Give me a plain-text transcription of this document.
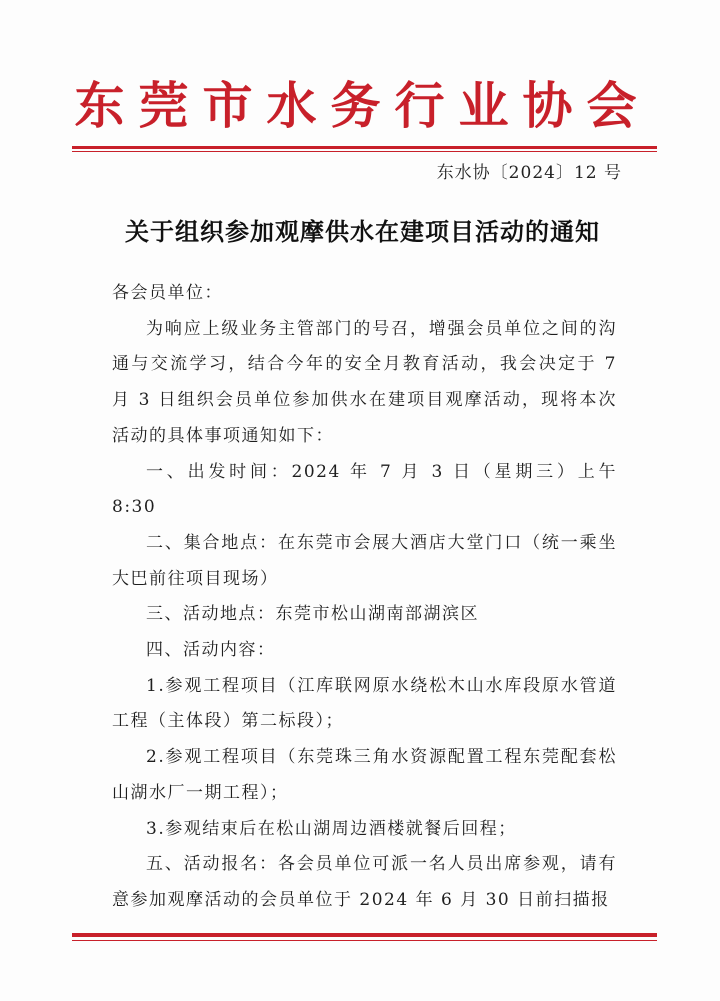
东莞市水务行业协会
东水协〔2024〕12 号
关于组织参加观摩供水在建项目活动的通知

各会员单位：

为响应上级业务主管部门的号召，增强会员单位之间的沟通与交流学习，结合今年的安全月教育活动，我会决定于 7 月 3 日组织会员单位参加供水在建项目观摩活动，现将本次活动的具体事项通知如下：

一、出发时间：2024 年 7 月 3 日（星期三）上午 8:30

二、集合地点：在东莞市会展大酒店大堂门口（统一乘坐大巴前往项目现场）

三、活动地点：东莞市松山湖南部湖滨区

四、活动内容：

1.参观工程项目（江库联网原水绕松木山水库段原水管道工程（主体段）第二标段）；

2.参观工程项目（东莞珠三角水资源配置工程东莞配套松山湖水厂一期工程）；

3.参观结束后在松山湖周边酒楼就餐后回程；

五、活动报名：各会员单位可派一名人员出席参观，请有意参加观摩活动的会员单位于 2024 年 6 月 30 日前扫描报
